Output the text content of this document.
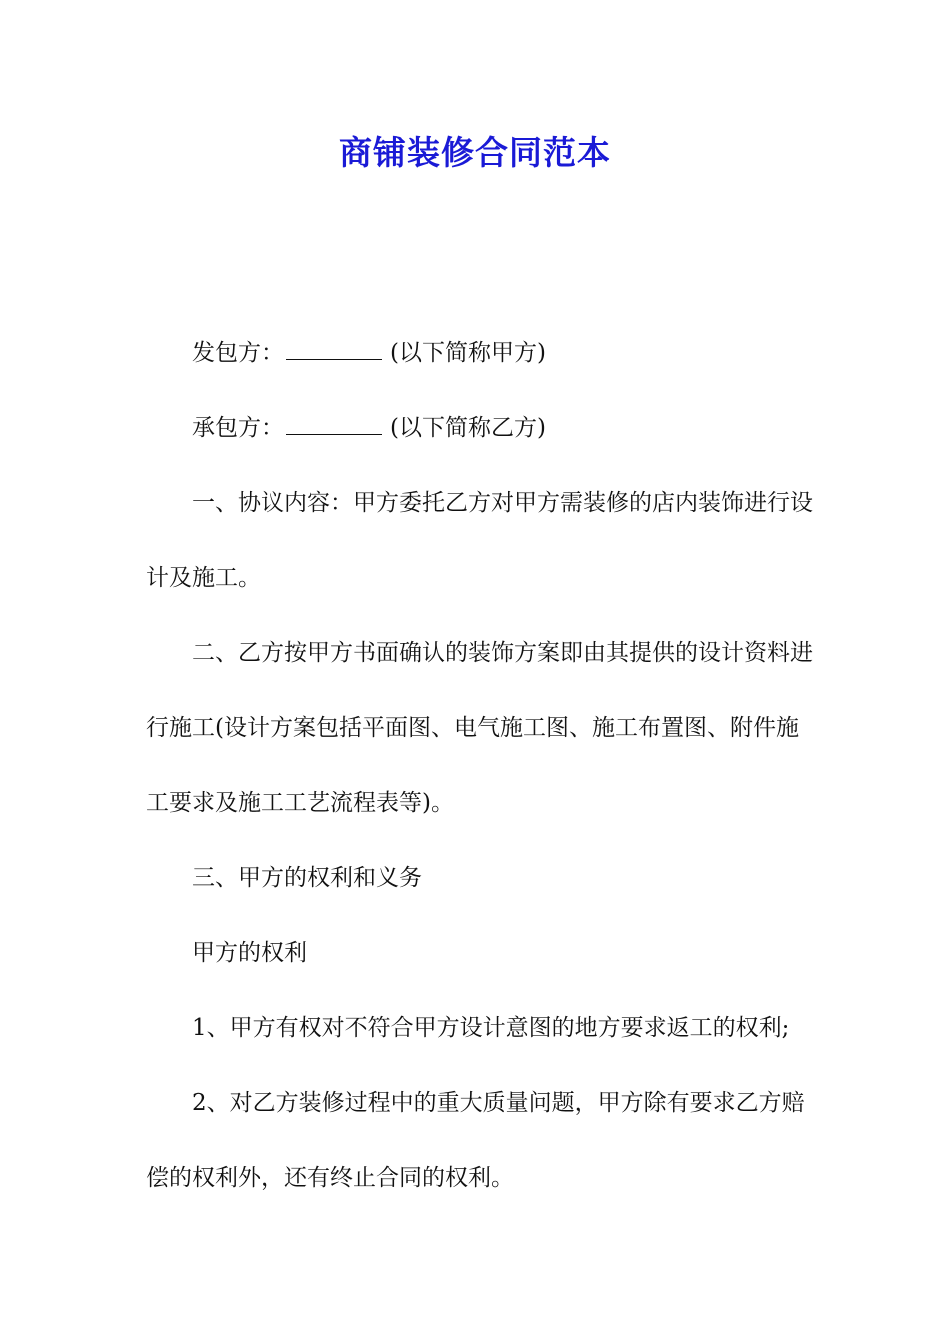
商铺装修合同范本

发包方：	(以下简称甲方)

承包方：	(以下简称乙方)

一、协议内容：甲方委托乙方对甲方需装修的店内装饰进行设计及施工。

二、乙方按甲方书面确认的装饰方案即由其提供的设计资料进行施工(设计方案包括平面图、电气施工图、施工布置图、附件施工要求及施工工艺流程表等)。

三、甲方的权利和义务

甲方的权利

1、甲方有权对不符合甲方设计意图的地方要求返工的权利;

2、对乙方装修过程中的重大质量问题，甲方除有要求乙方赔偿的权利外，还有终止合同的权利。
